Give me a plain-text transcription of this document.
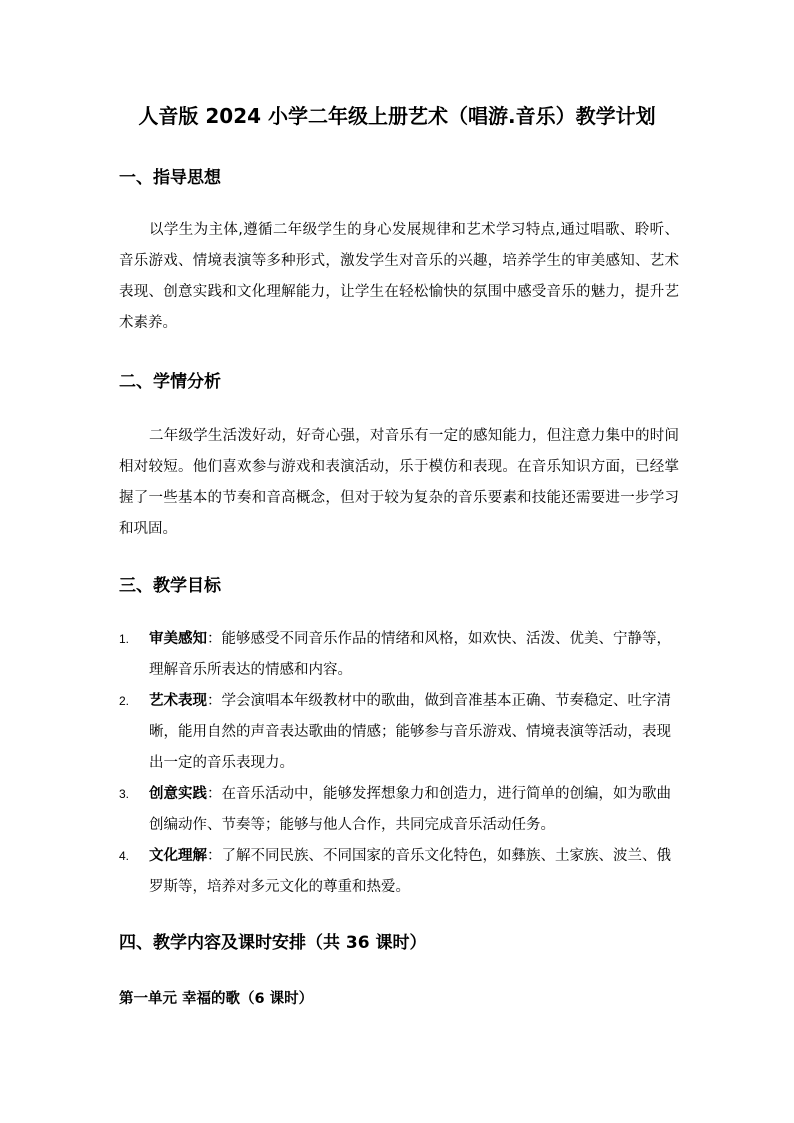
人音版 2024 小学二年级上册艺术（唱游.音乐）教学计划
一、指导思想

以学生为主体,遵循二年级学生的身心发展规律和艺术学习特点,通过唱歌、聆听、音乐游戏、情境表演等多种形式，激发学生对音乐的兴趣，培养学生的审美感知、艺术表现、创意实践和文化理解能力，让学生在轻松愉快的氛围中感受音乐的魅力，提升艺术素养。

二、学情分析

二年级学生活泼好动，好奇心强，对音乐有一定的感知能力，但注意力集中的时间相对较短。他们喜欢参与游戏和表演活动，乐于模仿和表现。在音乐知识方面，已经掌握了一些基本的节奏和音高概念，但对于较为复杂的音乐要素和技能还需要进一步学习和巩固。

三、教学目标
1.	审美感知：能够感受不同音乐作品的情绪和风格，如欢快、活泼、优美、宁静等，理解音乐所表达的情感和内容。
2.	艺术表现：学会演唱本年级教材中的歌曲，做到音准基本正确、节奏稳定、吐字清晰，能用自然的声音表达歌曲的情感；能够参与音乐游戏、情境表演等活动，表现出一定的音乐表现力。
3.	创意实践：在音乐活动中，能够发挥想象力和创造力，进行简单的创编，如为歌曲创编动作、节奏等；能够与他人合作，共同完成音乐活动任务。
4.	文化理解：了解不同民族、不同国家的音乐文化特色，如彝族、土家族、波兰、俄罗斯等，培养对多元文化的尊重和热爱。
四、教学内容及课时安排（共 36 课时）
第一单元 幸福的歌（6 课时）
